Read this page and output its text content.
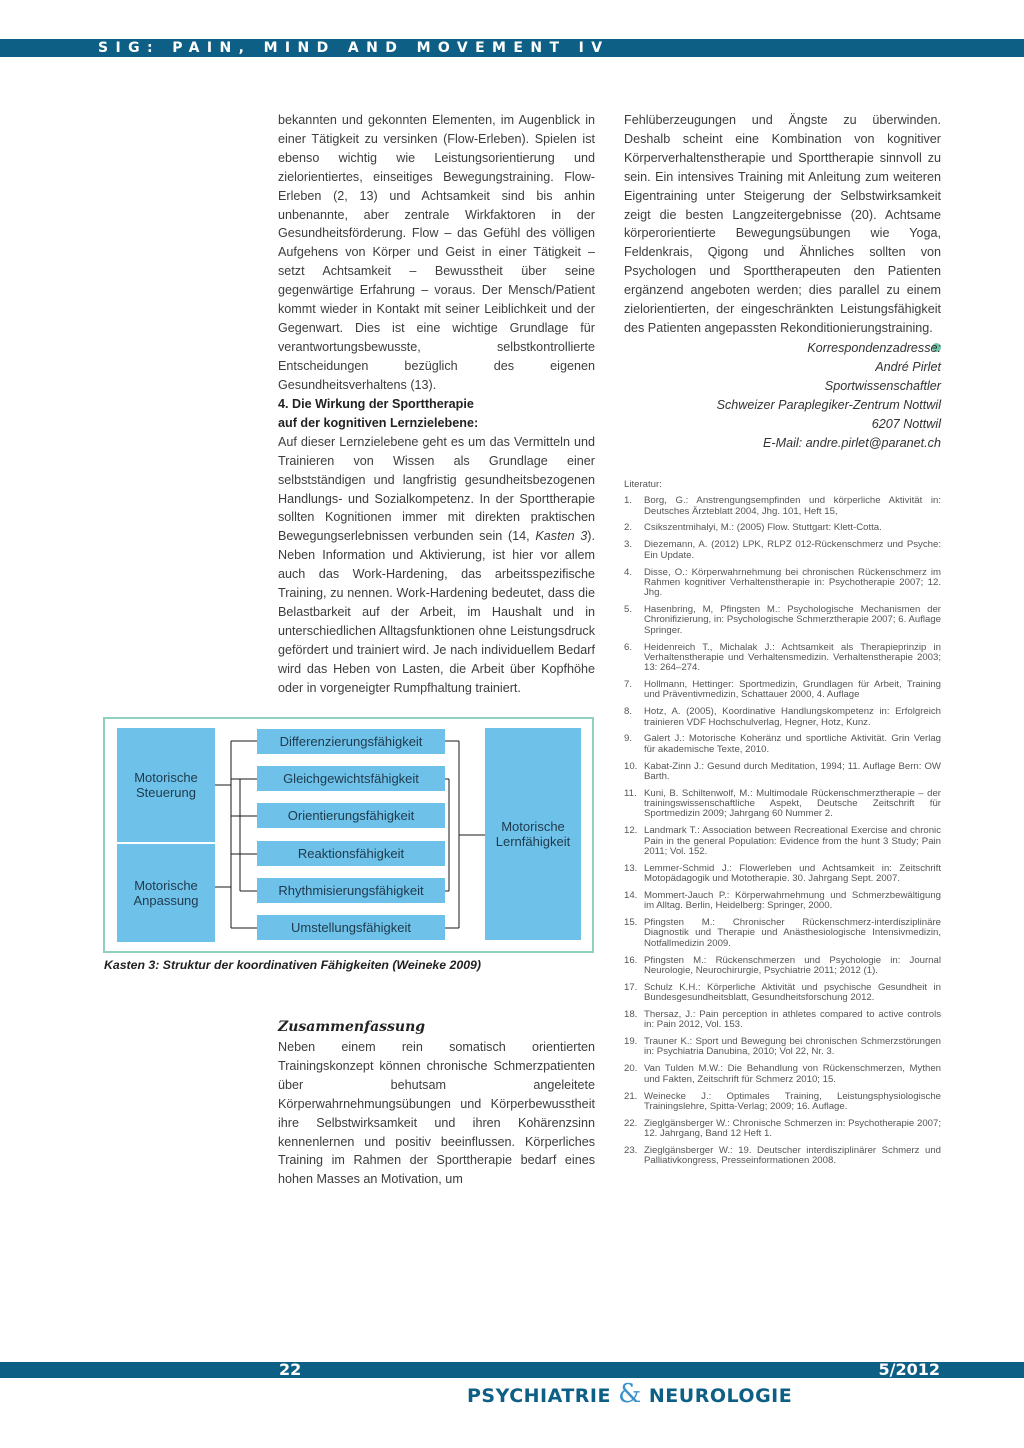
SIG: PAIN, MIND AND MOVEMENT IV

bekannten und gekonnten Elementen, im Augenblick in einer Tätigkeit zu versinken (Flow-Erleben). Spielen ist ebenso wichtig wie Leistungsorientierung und zielorientiertes, einseitiges Bewegungstraining. Flow-Erleben (2, 13) und Achtsamkeit sind bis anhin unbenannte, aber zentrale Wirkfaktoren in der Gesundheitsförderung. Flow – das Gefühl des völligen Aufgehens von Körper und Geist in einer Tätigkeit – setzt Achtsamkeit – Bewusstheit über seine gegenwärtige Erfahrung – voraus. Der Mensch/Patient kommt wieder in Kontakt mit seiner Leiblichkeit und der Gegenwart. Dies ist eine wichtige Grundlage für verantwortungsbewusste, selbstkontrollierte Entscheidungen bezüglich des eigenen Gesundheitsverhaltens (13).

4. Die Wirkung der Sporttherapie
auf der kognitiven Lernzielebene:

Auf dieser Lernzielebene geht es um das Vermitteln und Trainieren von Wissen als Grundlage einer selbstständigen und langfristig gesundheitsbezogenen Handlungs- und Sozialkompetenz. In der Sporttherapie sollten Kognitionen immer mit direkten praktischen Bewegungserlebnissen verbunden sein (14, Kasten 3). Neben Information und Aktivierung, ist hier vor allem auch das Work-Hardening, das arbeitsspezifische Training, zu nennen. Work-Hardening bedeutet, dass die Belastbarkeit auf der Arbeit, im Haushalt und in unterschiedlichen Alltagsfunktionen ohne Leistungsdruck gefördert und trainiert wird. Je nach individuellem Bedarf wird das Heben von Lasten, die Arbeit über Kopfhöhe oder in vorgeneigter Rumpfhaltung trainiert.

Motorische Steuerung
Motorische Anpassung
Motorische Lernfähigkeit
Differenzierungsfähigkeit
Gleichgewichtsfähigkeit
Orientierungsfähigkeit
Reaktionsfähigkeit
Rhythmisierungsfähigkeit
Umstellungsfähigkeit
Kasten 3: Struktur der koordinativen Fähigkeiten (Weineke 2009)
Zusammenfassung

Neben einem rein somatisch orientierten Trainingskonzept können chronische Schmerzpatienten über behutsam angeleitete Körperwahrnehmungsübungen und Körperbewusstheit ihre Selbstwirksamkeit und ihren Kohärenzsinn kennenlernen und positiv beeinflussen. Körperliches Training im Rahmen der Sporttherapie bedarf eines hohen Masses an Motivation, um

Fehlüberzeugungen und Ängste zu überwinden. Deshalb scheint eine Kombination von kognitiver Körperverhaltenstherapie und Sporttherapie sinnvoll zu sein. Ein intensives Training mit Anleitung zum weiteren Eigentraining unter Steigerung der Selbstwirksamkeit zeigt die besten Langzeitergebnisse (20). Achtsame körperorientierte Bewegungsübungen wie Yoga, Feldenkrais, Qigong und Ähnliches sollten von Psychologen und Sporttherapeuten den Patienten ergänzend angeboten werden; dies parallel zu einem zielorientierten, der eingeschränkten Leistungsfähigkeit des Patienten angepassten Rekonditionierungstraining.

Korrespondenzadresse:
André Pirlet
Sportwissenschaftler
Schweizer Paraplegiker-Zentrum Nottwil
6207 Nottwil
E-Mail: andre.pirlet@paranet.ch
Literatur:
1. Borg, G.: Anstrengungsempfinden und körperliche Aktivität in: Deutsches Ärzteblatt 2004, Jhg. 101, Heft 15,
2. Csikszentmihalyi, M.: (2005) Flow. Stuttgart: Klett-Cotta.
3. Diezemann, A. (2012) LPK, RLPZ 012-Rückenschmerz und Psyche: Ein Update.
4. Disse, O.: Körperwahrnehmung bei chronischen Rückenschmerz im Rahmen kognitiver Verhaltenstherapie in: Psychotherapie 2007; 12. Jhg.
5. Hasenbring, M, Pfingsten M.: Psychologische Mechanismen der Chronifizierung, in: Psychologische Schmerztherapie 2007; 6. Auflage Springer.
6. Heidenreich T., Michalak J.: Achtsamkeit als Therapieprinzip in Verhaltenstherapie und Verhaltensmedizin. Verhaltenstherapie 2003; 13: 264–274.
7. Hollmann, Hettinger: Sportmedizin, Grundlagen für Arbeit, Training und Präventivmedizin, Schattauer 2000, 4. Auflage
8. Hotz, A. (2005), Koordinative Handlungskompetenz in: Erfolgreich trainieren VDF Hochschulverlag, Hegner, Hotz, Kunz.
9. Galert J.: Motorische Koheränz und sportliche Aktivität. Grin Verlag für akademische Texte, 2010.
10. Kabat-Zinn J.: Gesund durch Meditation, 1994; 11. Auflage Bern: OW Barth.
11. Kuni, B. Schiltenwolf, M.: Multimodale Rückenschmerztherapie – der trainingswissenschaftliche Aspekt, Deutsche Zeitschrift für Sportmedizin 2009; Jahrgang 60 Nummer 2.
12. Landmark T.: Association between Recreational Exercise and chronic Pain in the general Population: Evidence from the hunt 3 Study; Pain 2011; Vol. 152.
13. Lemmer-Schmid J.: Flowerleben und Achtsamkeit in: Zeitschrift Motopädagogik und Mototherapie. 30. Jahrgang Sept. 2007.
14. Mommert-Jauch P.: Körperwahrnehmung und Schmerzbewältigung im Alltag. Berlin, Heidelberg: Springer, 2000.
15. Pfingsten M.: Chronischer Rückenschmerz-interdisziplinäre Diagnostik und Therapie und Anästhesiologische Intensivmedizin, Notfallmedizin 2009.
16. Pfingsten M.: Rückenschmerzen und Psychologie in: Journal Neurologie, Neurochirurgie, Psychiatrie 2011; 2012 (1).
17. Schulz K.H.: Körperliche Aktivität und psychische Gesundheit in Bundesgesundheitsblatt, Gesundheitsforschung 2012.
18. Thersaz, J.: Pain perception in athletes compared to active controls in: Pain 2012, Vol. 153.
19. Trauner K.: Sport und Bewegung bei chronischen Schmerzstörungen in: Psychiatria Danubina, 2010; Vol 22, Nr. 3.
20. Van Tulden M.W.: Die Behandlung von Rückenschmerzen, Mythen und Fakten, Zeitschrift für Schmerz 2010; 15.
21. Weinecke J.: Optimales Training, Leistungsphysiologische Trainingslehre, Spitta-Verlag; 2009; 16. Auflage.
22. Zieglgänsberger W.: Chronische Schmerzen in: Psychotherapie 2007; 12. Jahrgang, Band 12 Heft 1.
23. Zieglgänsberger W.: 19. Deutscher interdisziplinärer Schmerz und Palliativkongress, Presseinformationen 2008.
22	5/2012
PSYCHIATRIE & NEUROLOGIE
